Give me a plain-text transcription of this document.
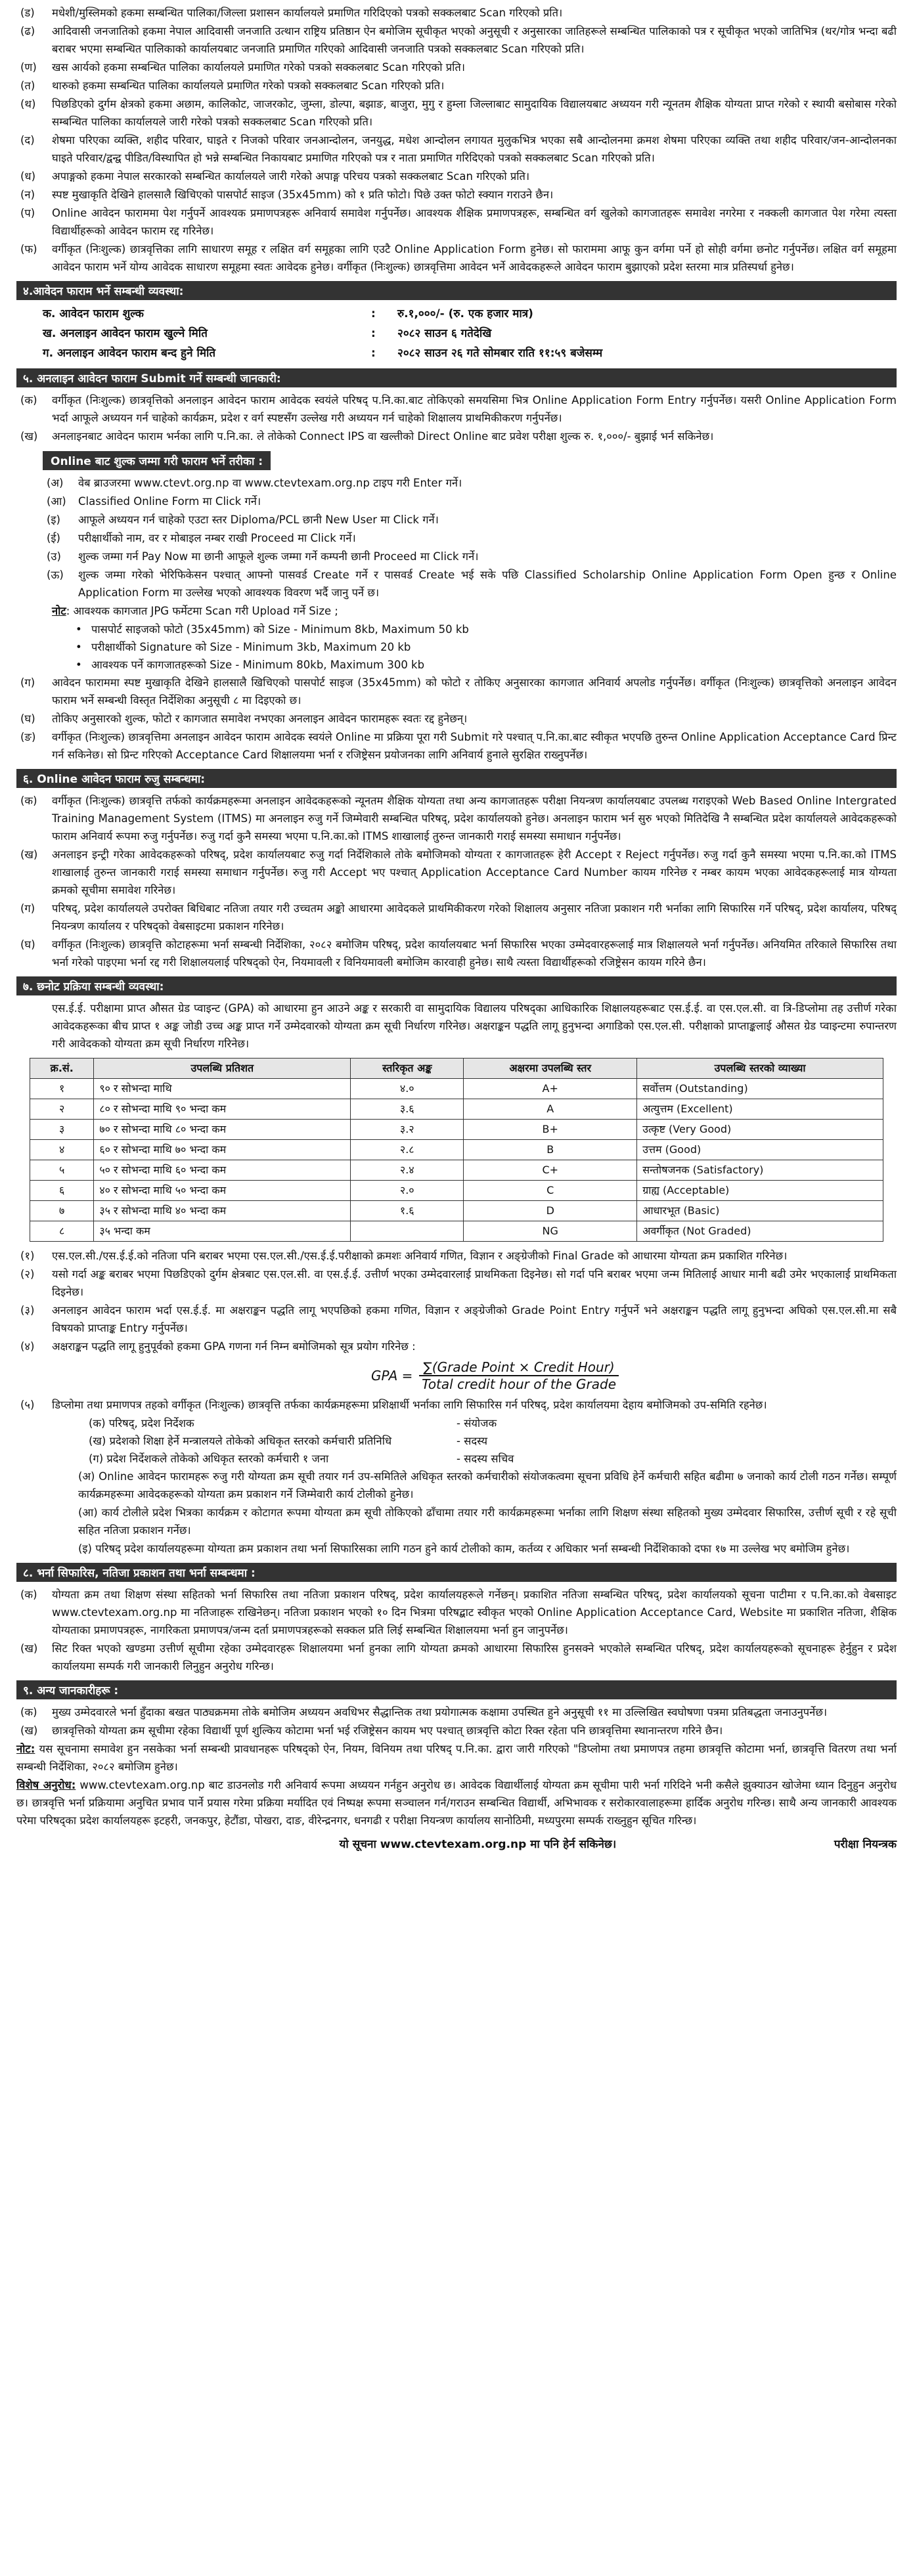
(ड)	मधेशी/मुस्लिमको हकमा सम्बन्धित पालिका/जिल्ला प्रशासन कार्यालयले प्रमाणित गरिदिएको पत्रको सक्कलबाट Scan गरिएको प्रति।
(ढ)	आदिवासी जनजातिको हकमा नेपाल आदिवासी जनजाति उत्थान राष्ट्रिय प्रतिष्ठान ऐन बमोजिम सूचीकृत भएको अनुसूची र अनुसारका जातिहरूले सम्बन्धित पालिकाको पत्र र सूचीकृत भएको जातिभित्र (थर/गोत्र भन्दा बढी बराबर भएमा सम्बन्धित पालिकाको कार्यालयबाट जनजाति प्रमाणित गरिएको आदिवासी जनजाति पत्रको सक्कलबाट Scan गरिएको प्रति।
(ण)	खस आर्यको हकमा सम्बन्धित पालिका कार्यालयले प्रमाणित गरेको पत्रको सक्कलबाट Scan गरिएको प्रति।
(त)	थारुको हकमा सम्बन्धित पालिका कार्यालयले प्रमाणित गरेको पत्रको सक्कलबाट Scan गरिएको प्रति।
(थ)	पिछडिएको दुर्गम क्षेत्रको हकमा अछाम, कालिकोट, जाजरकोट, जुम्ला, डोल्पा, बझाङ, बाजुरा, मुगु र हुम्ला जिल्लाबाट सामुदायिक विद्यालयबाट अध्ययन गरी न्यूनतम शैक्षिक योग्यता प्राप्त गरेको र स्थायी बसोबास गरेको सम्बन्धित पालिका कार्यालयले जारी गरेको पत्रको सक्कलबाट Scan गरिएको प्रति।
(द)	शेषमा परिएका व्यक्ति, शहीद परिवार, घाइते र निजको परिवार जनआन्दोलन, जनयुद्ध, मधेश आन्दोलन लगायत मुलुकभित्र भएका सबै आन्दोलनमा क्रमश शेषमा परिएका व्यक्ति तथा शहीद परिवार/जन-आन्दोलनका घाइते परिवार/द्वन्द्व पीडित/विस्थापित हो भन्ने सम्बन्धित निकायबाट प्रमाणित गरिएको पत्र र नाता प्रमाणित गरिदिएको पत्रको सक्कलबाट Scan गरिएको प्रति।
(ध)	अपाङ्गको हकमा नेपाल सरकारको सम्बन्धित कार्यालयले जारी गरेको अपाङ्ग परिचय पत्रको सक्कलबाट Scan गरिएको प्रति।
(न)	स्पष्ट मुखाकृति देखिने हालसालै खिचिएको पासपोर्ट साइज (35x45mm) को १ प्रति फोटो। पिछे उक्त फोटो स्क्यान गराउने छैन।
(प)	Online आवेदन फाराममा पेश गर्नुपर्ने आवश्यक प्रमाणपत्रहरू अनिवार्य समावेश गर्नुपर्नेछ। आवश्यक शैक्षिक प्रमाणपत्रहरू, सम्बन्धित वर्ग खुलेको कागजातहरू समावेश नगरेमा र नक्कली कागजात पेश गरेमा त्यस्ता विद्यार्थीहरूको आवेदन फाराम रद्द गरिनेछ।
(फ)	वर्गीकृत (निःशुल्क) छात्रवृत्तिका लागि साधारण समूह र लक्षित वर्ग समूहका लागि एउटै Online Application Form हुनेछ। सो फाराममा आफू कुन वर्गमा पर्ने हो सोही वर्गमा छनोट गर्नुपर्नेछ। लक्षित वर्ग समूहमा आवेदन फाराम भर्ने योग्य आवेदक साधारण समूहमा स्वतः आवेदक हुनेछ। वर्गीकृत (निःशुल्क) छात्रवृत्तिमा आवेदन भर्ने आवेदकहरूले आवेदन फाराम बुझाएको प्रदेश स्तरमा मात्र प्रतिस्पर्धा हुनेछ।
४.आवेदन फाराम भर्ने सम्बन्धी व्यवस्था:
क. आवेदन फाराम शुल्क	:	रु.१,०००/- (रु. एक हजार मात्र)
ख. अनलाइन आवेदन फाराम खुल्ने मिति	:	२०८२ साउन ६ गतेदेखि
ग. अनलाइन आवेदन फाराम बन्द हुने मिति	:	२०८२ साउन २६ गते सोमबार राति ११:५९ बजेसम्म
५. अनलाइन आवेदन फाराम Submit गर्ने सम्बन्धी जानकारी:
(क)	वर्गीकृत (निःशुल्क) छात्रवृत्तिको अनलाइन आवेदन फाराम आवेदक स्वयंले परिषद् प.नि.का.बाट तोकिएको समयसिमा भित्र Online Application Form Entry गर्नुपर्नेछ। यसरी Online Application Form भर्दा आफूले अध्ययन गर्न चाहेको कार्यक्रम, प्रदेश र वर्ग स्पष्टसँग उल्लेख गरी अध्ययन गर्न चाहेको शिक्षालय प्राथमिकीकरण गर्नुपर्नेछ।
(ख)	अनलाइनबाट आवेदन फाराम भर्नका लागि प.नि.का. ले तोकेको Connect IPS वा खल्तीको Direct Online बाट प्रवेश परीक्षा शुल्क रु. १,०००/- बुझाई भर्न सकिनेछ।
Online बाट शुल्क जम्मा गरी फाराम भर्ने तरीका :
(अ)	वेब ब्राउजरमा www.ctevt.org.np वा www.ctevtexam.org.np टाइप गरी Enter गर्ने।
(आ)	Classified Online Form मा Click गर्ने।
(इ)	आफूले अध्ययन गर्न चाहेको एउटा स्तर Diploma/PCL छानी New User मा Click गर्ने।
(ई)	परीक्षार्थीको नाम, वर र मोबाइल नम्बर राखी Proceed मा Click गर्ने।
(उ)	शुल्क जम्मा गर्न Pay Now मा छानी आफूले शुल्क जम्मा गर्ने कम्पनी छानी Proceed मा Click गर्ने।
(ऊ)	शुल्क जम्मा गरेको भेरिफिकेसन पश्चात् आफ्नो पासवर्ड Create गर्ने र पासवर्ड Create भई सके पछि Classified Scholarship Online Application Form Open हुन्छ र Online Application Form मा उल्लेख भएको आवश्यक विवरण भर्दै जानु पर्ने छ।
नोट: आवश्यक कागजात JPG फर्मेटमा Scan गरी Upload गर्ने Size ;
• पासपोर्ट साइजको फोटो (35x45mm) को Size - Minimum 8kb, Maximum 50 kb
• परीक्षार्थीको Signature को Size - Minimum 3kb, Maximum 20 kb
• आवश्यक पर्ने कागजातहरूको Size - Minimum 80kb, Maximum 300 kb
(ग)	आवेदन फाराममा स्पष्ट मुखाकृति देखिने हालसालै खिचिएको पासपोर्ट साइज (35x45mm) को फोटो र तोकिए अनुसारका कागजात अनिवार्य अपलोड गर्नुपर्नेछ। वर्गीकृत (निःशुल्क) छात्रवृत्तिको अनलाइन आवेदन फाराम भर्ने सम्बन्धी विस्तृत निर्देशिका अनुसूची ८ मा दिइएको छ।
(घ)	तोकिए अनुसारको शुल्क, फोटो र कागजात समावेश नभएका अनलाइन आवेदन फारामहरू स्वतः रद्द हुनेछन्।
(ङ)	वर्गीकृत (निःशुल्क) छात्रवृत्तिमा अनलाइन आवेदन फाराम आवेदक स्वयंले Online मा प्रक्रिया पूरा गरी Submit गरे पश्चात् प.नि.का.बाट स्वीकृत भएपछि तुरुन्त Online Application Acceptance Card प्रिन्ट गर्न सकिनेछ। सो प्रिन्ट गरिएको Acceptance Card शिक्षालयमा भर्ना र रजिष्ट्रेसन प्रयोजनका लागि अनिवार्य हुनाले सुरक्षित राख्नुपर्नेछ।
६. Online आवेदन फाराम रुजु सम्बन्धमा:
(क)	वर्गीकृत (निःशुल्क) छात्रवृत्ति तर्फको कार्यक्रमहरूमा अनलाइन आवेदकहरूको न्यूनतम शैक्षिक योग्यता तथा अन्य कागजातहरू परीक्षा नियन्त्रण कार्यालयबाट उपलब्ध गराइएको Web Based Online Intergrated Training Management System (ITMS) मा अनलाइन रुजु गर्ने जिम्मेवारी सम्बन्धित परिषद्, प्रदेश कार्यालयको हुनेछ। अनलाइन फाराम भर्न सुरु भएको मितिदेखि नै सम्बन्धित प्रदेश कार्यालयले आवेदकहरूको फाराम अनिवार्य रूपमा रुजु गर्नुपर्नेछ। रुजु गर्दा कुनै समस्या भएमा प.नि.का.को ITMS शाखालाई तुरुन्त जानकारी गराई समस्या समाधान गर्नुपर्नेछ।
(ख)	अनलाइन इन्ट्री गरेका आवेदकहरूको परिषद्, प्रदेश कार्यालयबाट रुजु गर्दा निर्देशिकाले तोके बमोजिमको योग्यता र कागजातहरू हेरी Accept र Reject गर्नुपर्नेछ। रुजु गर्दा कुनै समस्या भएमा प.नि.का.को ITMS शाखालाई तुरुन्त जानकारी गराई समस्या समाधान गर्नुपर्नेछ। रुजु गरी Accept भए पश्चात् Application Acceptance Card Number कायम गरिनेछ र नम्बर कायम भएका आवेदकहरूलाई मात्र योग्यता क्रमको सूचीमा समावेश गरिनेछ।
(ग)	परिषद्, प्रदेश कार्यालयले उपरोक्त बिधिबाट नतिजा तयार गरी उच्चतम अङ्को आधारमा आवेदकले प्राथमिकीकरण गरेको शिक्षालय अनुसार नतिजा प्रकाशन गरी भर्नाका लागि सिफारिस गर्ने परिषद्, प्रदेश कार्यालय, परिषद् नियन्त्रण कार्यालय र परिषद्को वेबसाइटमा प्रकाशन गरिनेछ।
(घ)	वर्गीकृत (निःशुल्क) छात्रवृत्ति कोटाहरूमा भर्ना सम्बन्धी निर्देशिका, २०८२ बमोजिम परिषद्, प्रदेश कार्यालयबाट भर्ना सिफारिस भएका उम्मेदवारहरूलाई मात्र शिक्षालयले भर्ना गर्नुपर्नेछ। अनियमित तरिकाले सिफारिस तथा भर्ना गरेको पाइएमा भर्ना रद्द गरी शिक्षालयलाई परिषद्को ऐन, नियमावली र विनियमावली बमोजिम कारवाही हुनेछ। साथै त्यस्ता विद्यार्थीहरूको रजिष्ट्रेसन कायम गरिने छैन।
७. छनोट प्रक्रिया सम्बन्धी व्यवस्था:
एस.ई.ई. परीक्षामा प्राप्त औसत ग्रेड प्वाइन्ट (GPA) को आधारमा हुन आउने अङ्क र सरकारी वा सामुदायिक विद्यालय परिषद्का आधिकारिक शिक्षालयहरूबाट एस.ई.ई. वा एस.एल.सी. वा त्रि-डिप्लोमा तह उत्तीर्ण गरेका आवेदकहरूका बीच प्राप्त १ अङ्क जोडी उच्च अङ्क प्राप्त गर्ने उम्मेदवारको योग्यता क्रम सूची निर्धारण गरिनेछ। अक्षराङ्कन पद्धति लागू हुनुभन्दा अगाडिको एस.एल.सी. परीक्षाको प्राप्ताङ्कलाई औसत ग्रेड प्वाइन्टमा रुपान्तरण गरी आवेदकको योग्यता क्रम सूची निर्धारण गरिनेछ।
क्र.सं.	उपलब्धि प्रतिशत	स्तरिकृत अङ्क	अक्षरमा उपलब्धि स्तर	उपलब्धि स्तरको व्याख्या
१	९० र सोभन्दा माथि	४.०	A+	सर्वोत्तम (Outstanding)
२	८० र सोभन्दा माथि ९० भन्दा कम	३.६	A	अत्युत्तम (Excellent)
३	७० र सोभन्दा माथि ८० भन्दा कम	३.२	B+	उत्कृष्ट (Very Good)
४	६० र सोभन्दा माथि ७० भन्दा कम	२.८	B	उत्तम (Good)
५	५० र सोभन्दा माथि ६० भन्दा कम	२.४	C+	सन्तोषजनक (Satisfactory)
६	४० र सोभन्दा माथि ५० भन्दा कम	२.०	C	ग्राह्य (Acceptable)
७	३५ र सोभन्दा माथि ४० भन्दा कम	१.६	D	आधारभूत (Basic)
८	३५ भन्दा कम		NG	अवर्गीकृत (Not Graded)
(१)	एस.एल.सी./एस.ई.ई.को नतिजा पनि बराबर भएमा एस.एल.सी./एस.ई.ई.परीक्षाको क्रमशः अनिवार्य गणित, विज्ञान र अङ्ग्रेजीको Final Grade को आधारमा योग्यता क्रम प्रकाशित गरिनेछ।
(२)	यसो गर्दा अङ्क बराबर भएमा पिछडिएको दुर्गम क्षेत्रबाट एस.एल.सी. वा एस.ई.ई. उत्तीर्ण भएका उम्मेदवारलाई प्राथमिकता दिइनेछ। सो गर्दा पनि बराबर भएमा जन्म मितिलाई आधार मानी बढी उमेर भएकालाई प्राथमिकता दिइनेछ।
(३)	अनलाइन आवेदन फाराम भर्दा एस.ई.ई. मा अक्षराङ्कन पद्धति लागू भएपछिको हकमा गणित, विज्ञान र अङ्ग्रेजीको Grade Point Entry गर्नुपर्ने भने अक्षराङ्कन पद्धति लागू हुनुभन्दा अघिको एस.एल.सी.मा सबै विषयको प्राप्ताङ्क Entry गर्नुपर्नेछ।
(४)	अक्षराङ्कन पद्धति लागू हुनुपूर्वको हकमा GPA गणना गर्न निम्न बमोजिमको सूत्र प्रयोग गरिनेछ :
GPA = $\frac{\text{∑(Grade Point × Credit Hour)}}{\text{Total credit hour of the Grade}}$
(५)	डिप्लोमा तथा प्रमाणपत्र तहको वर्गीकृत (निःशुल्क) छात्रवृत्ति तर्फका कार्यक्रमहरूमा प्रशिक्षार्थी भर्नाका लागि सिफारिस गर्न परिषद्, प्रदेश कार्यालयमा देहाय बमोजिमको उप-समिति रहनेछ।
(क) परिषद्, प्रदेश निर्देशक	- संयोजक
(ख) प्रदेशको शिक्षा हेर्ने मन्त्रालयले तोकेको अधिकृत स्तरको कर्मचारी प्रतिनिधि	- सदस्य
(ग) प्रदेश निर्देशकले तोकेको अधिकृत स्तरको कर्मचारी १ जना	- सदस्य सचिव
(अ) Online आवेदन फारामहरू रुजु गरी योग्यता क्रम सूची तयार गर्न उप-समितिले अधिकृत स्तरको कर्मचारीको संयोजकत्वमा सूचना प्रविधि हेर्ने कर्मचारी सहित बढीमा ७ जनाको कार्य टोली गठन गर्नेछ। सम्पूर्ण कार्यक्रमहरूमा आवेदकहरूको योग्यता क्रम प्रकाशन गर्ने जिम्मेवारी कार्य टोलीको हुनेछ।
(आ) कार्य टोलीले प्रदेश भित्रका कार्यक्रम र कोटागत रूपमा योग्यता क्रम सूची तोकिएको ढाँचामा तयार गरी कार्यक्रमहरूमा भर्नाका लागि शिक्षण संस्था सहितको मुख्य उम्मेदवार सिफारिस, उत्तीर्ण सूची र रहे सूची सहित नतिजा प्रकाशन गर्नेछ।
(इ) परिषद् प्रदेश कार्यालयहरूमा योग्यता क्रम प्रकाशन तथा भर्ना सिफारिसका लागि गठन हुने कार्य टोलीको काम, कर्तव्य र अधिकार भर्ना सम्बन्धी निर्देशिकाको दफा १७ मा उल्लेख भए बमोजिम हुनेछ।
८. भर्ना सिफारिस, नतिजा प्रकाशन तथा भर्ना सम्बन्धमा :
(क)	योग्यता क्रम तथा शिक्षण संस्था सहितको भर्ना सिफारिस तथा नतिजा प्रकाशन परिषद्, प्रदेश कार्यालयहरूले गर्नेछन्। प्रकाशित नतिजा सम्बन्धित परिषद्, प्रदेश कार्यालयको सूचना पाटीमा र प.नि.का.को वेबसाइट www.ctevtexam.org.np मा नतिजाहरू राखिनेछन्। नतिजा प्रकाशन भएको १० दिन भित्रमा परिषद्बाट स्वीकृत भएको Online Application Acceptance Card, Website मा प्रकाशित नतिजा, शैक्षिक योग्यताका प्रमाणपत्रहरू, नागरिकता प्रमाणपत्र/जन्म दर्ता प्रमाणपत्रहरूको सक्कल प्रति लिई सम्बन्धित शिक्षालयमा भर्ना हुन जानुपर्नेछ।
(ख)	सिट रिक्त भएको खण्डमा उत्तीर्ण सूचीमा रहेका उम्मेदवारहरू शिक्षालयमा भर्ना हुनका लागि योग्यता क्रमको आधारमा सिफारिस हुनसक्ने भएकोले सम्बन्धित परिषद्, प्रदेश कार्यालयहरूको सूचनाहरू हेर्नुहुन र प्रदेश कार्यालयमा सम्पर्क गरी जानकारी लिनुहुन अनुरोध गरिन्छ।
९. अन्य जानकारीहरू :
(क)	मुख्य उम्मेदवारले भर्ना हुँदाका बखत पाठ्यक्रममा तोके बमोजिम अध्ययन अवधिभर सैद्धान्तिक तथा प्रयोगात्मक कक्षामा उपस्थित हुने अनुसूची ११ मा उल्लिखित स्वघोषणा पत्रमा प्रतिबद्धता जनाउनुपर्नेछ।
(ख)	छात्रवृत्तिको योग्यता क्रम सूचीमा रहेका विद्यार्थी पूर्ण शुल्किय कोटामा भर्ना भई रजिष्ट्रेसन कायम भए पश्चात् छात्रवृत्ति कोटा रिक्त रहेता पनि छात्रवृत्तिमा स्थानान्तरण गरिने छैन।
नोट: यस सूचनामा समावेश हुन नसकेका भर्ना सम्बन्धी प्रावधानहरू परिषद्को ऐन, नियम, विनियम तथा परिषद् प.नि.का. द्वारा जारी गरिएको "डिप्लोमा तथा प्रमाणपत्र तहमा छात्रवृत्ति कोटामा भर्ना, छात्रवृत्ति वितरण तथा भर्ना सम्बन्धी निर्देशिका, २०८२ बमोजिम हुनेछ।
विशेष अनुरोध: www.ctevtexam.org.np बाट डाउनलोड गरी अनिवार्य रूपमा अध्ययन गर्नहुन अनुरोध छ। आवेदक विद्यार्थीलाई योग्यता क्रम सूचीमा पारी भर्ना गरिदिने भनी कसैले झुक्याउन खोजेमा ध्यान दिनुहुन अनुरोध छ। छात्रवृत्ति भर्ना प्रक्रियामा अनुचित प्रभाव पार्ने प्रयास गरेमा प्रक्रिया मर्यादित एवं निष्पक्ष रूपमा सञ्चालन गर्न/गराउन सम्बन्धित विद्यार्थी, अभिभावक र सरोकारवालाहरूमा हार्दिक अनुरोध गरिन्छ। साथै अन्य जानकारी आवश्यक परेमा परिषद्का प्रदेश कार्यालयहरू इटहरी, जनकपुर, हेटौंडा, पोखरा, दाङ, वीरेन्द्रनगर, धनगढी र परीक्षा नियन्त्रण कार्यालय सानोठिमी, मध्यपुरमा सम्पर्क राख्नुहुन सूचित गरिन्छ।
यो सूचना www.ctevtexam.org.np मा पनि हेर्न सकिनेछ।	परीक्षा नियन्त्रक
